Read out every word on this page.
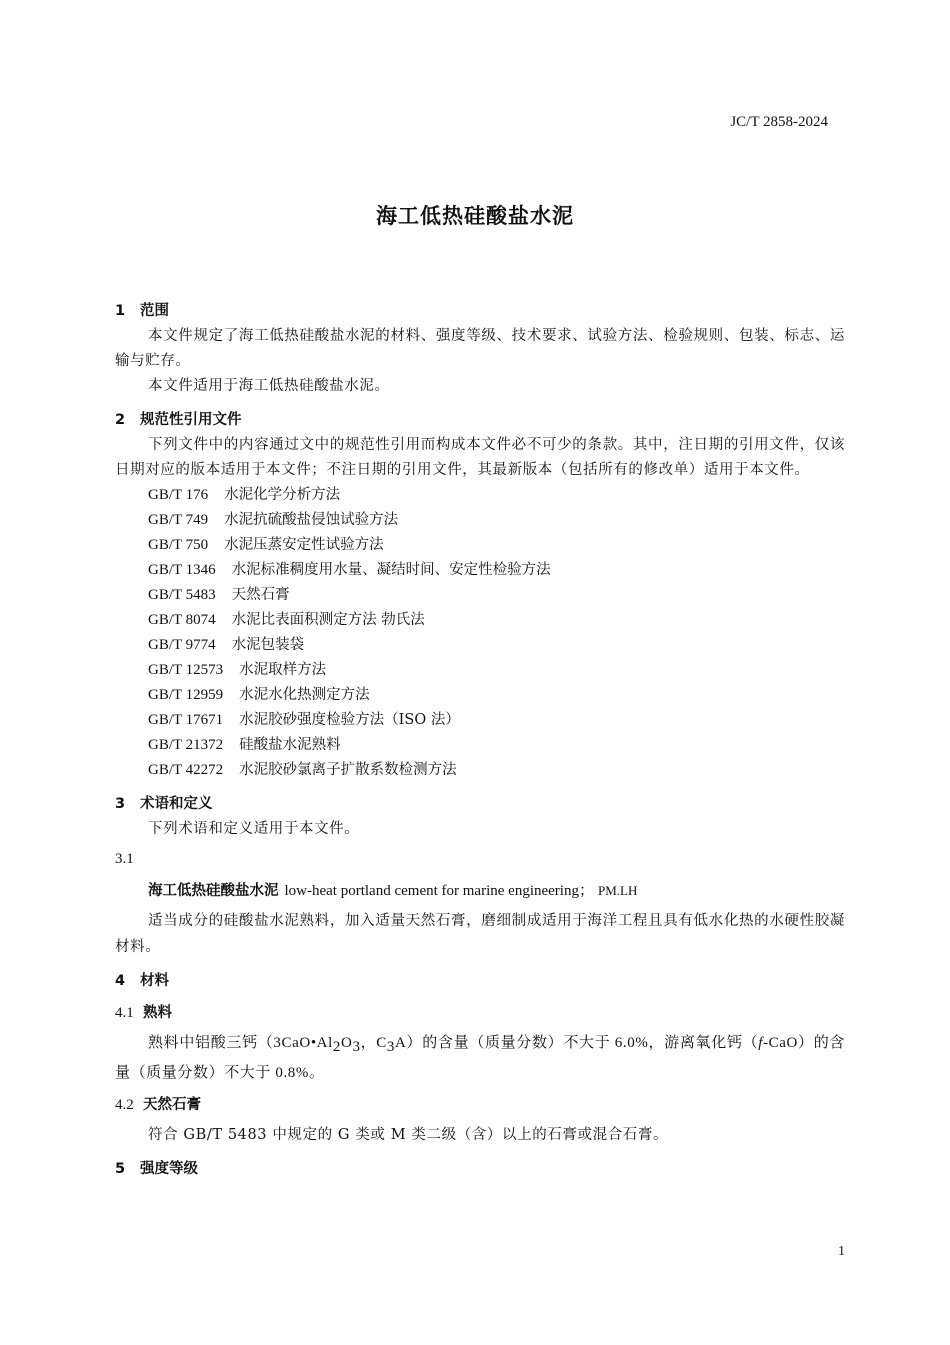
JC/T 2858-2024
海工低热硅酸盐水泥
1 范围
本文件规定了海工低热硅酸盐水泥的材料、强度等级、技术要求、试验方法、检验规则、包装、标志、运输与贮存。
本文件适用于海工低热硅酸盐水泥。
2 规范性引用文件
下列文件中的内容通过文中的规范性引用而构成本文件必不可少的条款。其中，注日期的引用文件，仅该日期对应的版本适用于本文件；不注日期的引用文件，其最新版本（包括所有的修改单）适用于本文件。
GB/T 176 水泥化学分析方法
GB/T 749 水泥抗硫酸盐侵蚀试验方法
GB/T 750 水泥压蒸安定性试验方法
GB/T 1346 水泥标准稠度用水量、凝结时间、安定性检验方法
GB/T 5483 天然石膏
GB/T 8074 水泥比表面积测定方法 勃氏法
GB/T 9774 水泥包装袋
GB/T 12573 水泥取样方法
GB/T 12959 水泥水化热测定方法
GB/T 17671 水泥胶砂强度检验方法（ISO 法）
GB/T 21372 硅酸盐水泥熟料
GB/T 42272 水泥胶砂氯离子扩散系数检测方法
3 术语和定义
下列术语和定义适用于本文件。
3.1
海工低热硅酸盐水泥 low-heat portland cement for marine engineering； PM.LH
适当成分的硅酸盐水泥熟料，加入适量天然石膏，磨细制成适用于海洋工程且具有低水化热的水硬性胶凝材料。
4 材料
4.1 熟料
熟料中铝酸三钙（$3CaO•Al_2O_3$，$C_3A$）的含量（质量分数）不大于 6.0%，游离氧化钙（f-CaO）的含量（质量分数）不大于 0.8%。
4.2 天然石膏
符合 GB/T 5483 中规定的 G 类或 M 类二级（含）以上的石膏或混合石膏。
5 强度等级
1
